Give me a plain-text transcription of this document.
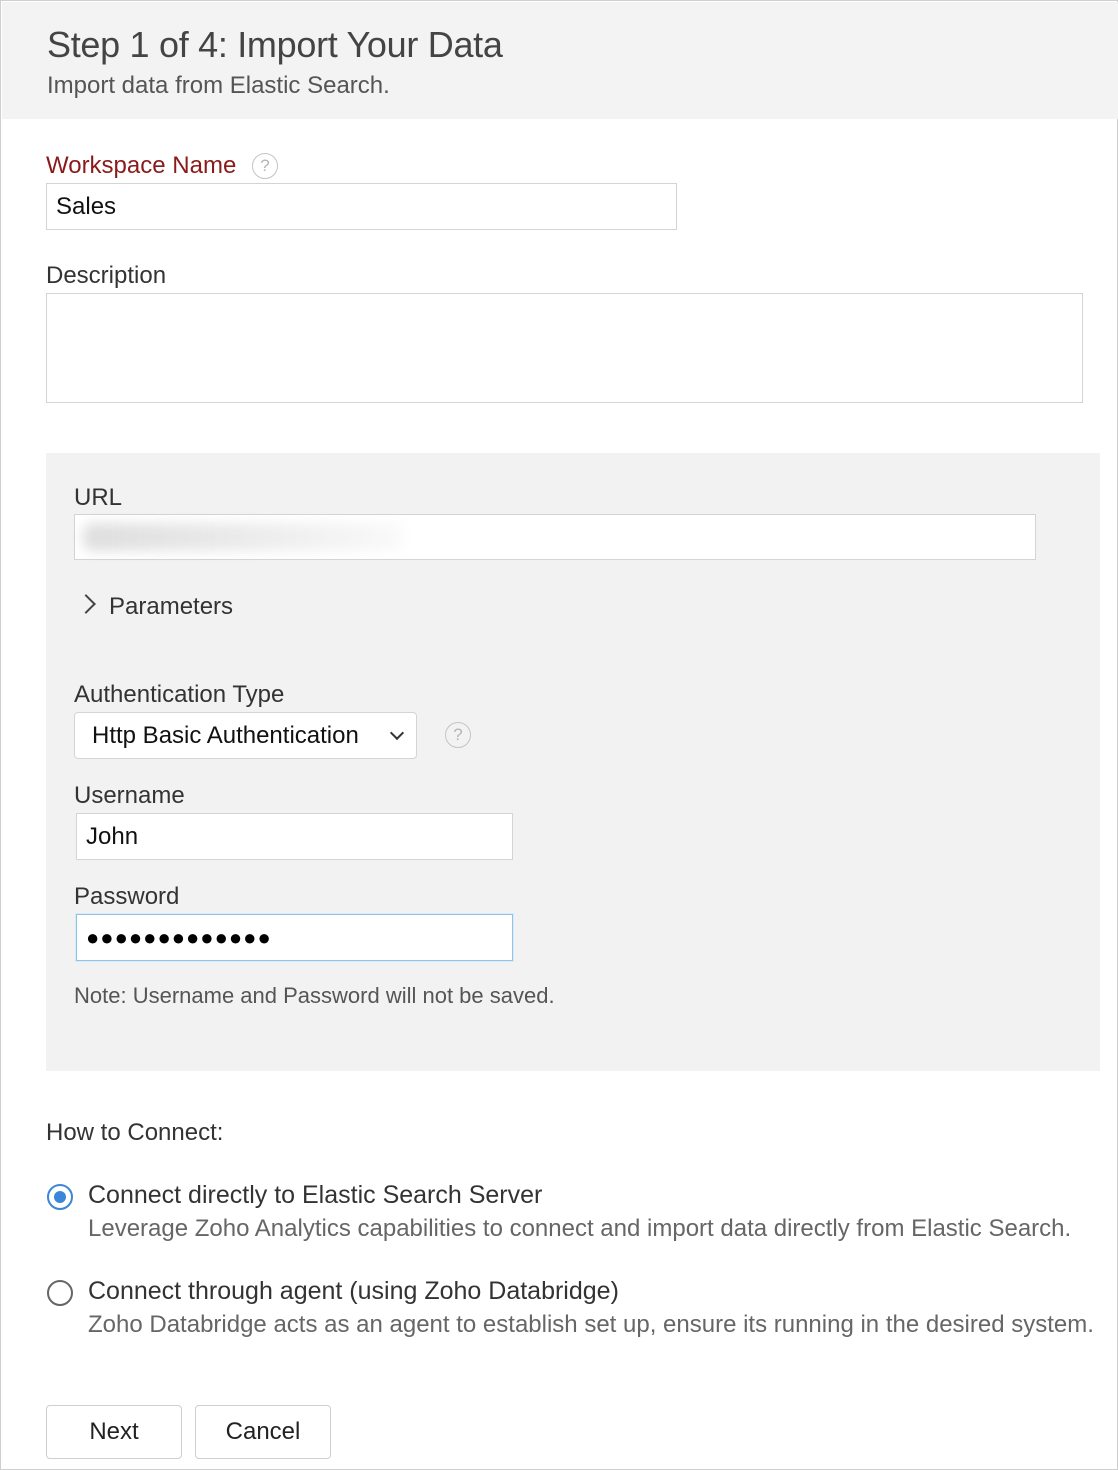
Step 1 of 4: Import Your Data
Import data from Elastic Search.
Workspace Name	?
Sales
Description
URL
Parameters
Authentication Type
Http Basic Authentication	?
Username
John
Password
●●●●●●●●●●●●●
Note: Username and Password will not be saved.
How to Connect:
Connect directly to Elastic Search Server
Leverage Zoho Analytics capabilities to connect and import data directly from Elastic Search.
Connect through agent (using Zoho Databridge)
Zoho Databridge acts as an agent to establish set up, ensure its running in the desired system.
Next	Cancel
